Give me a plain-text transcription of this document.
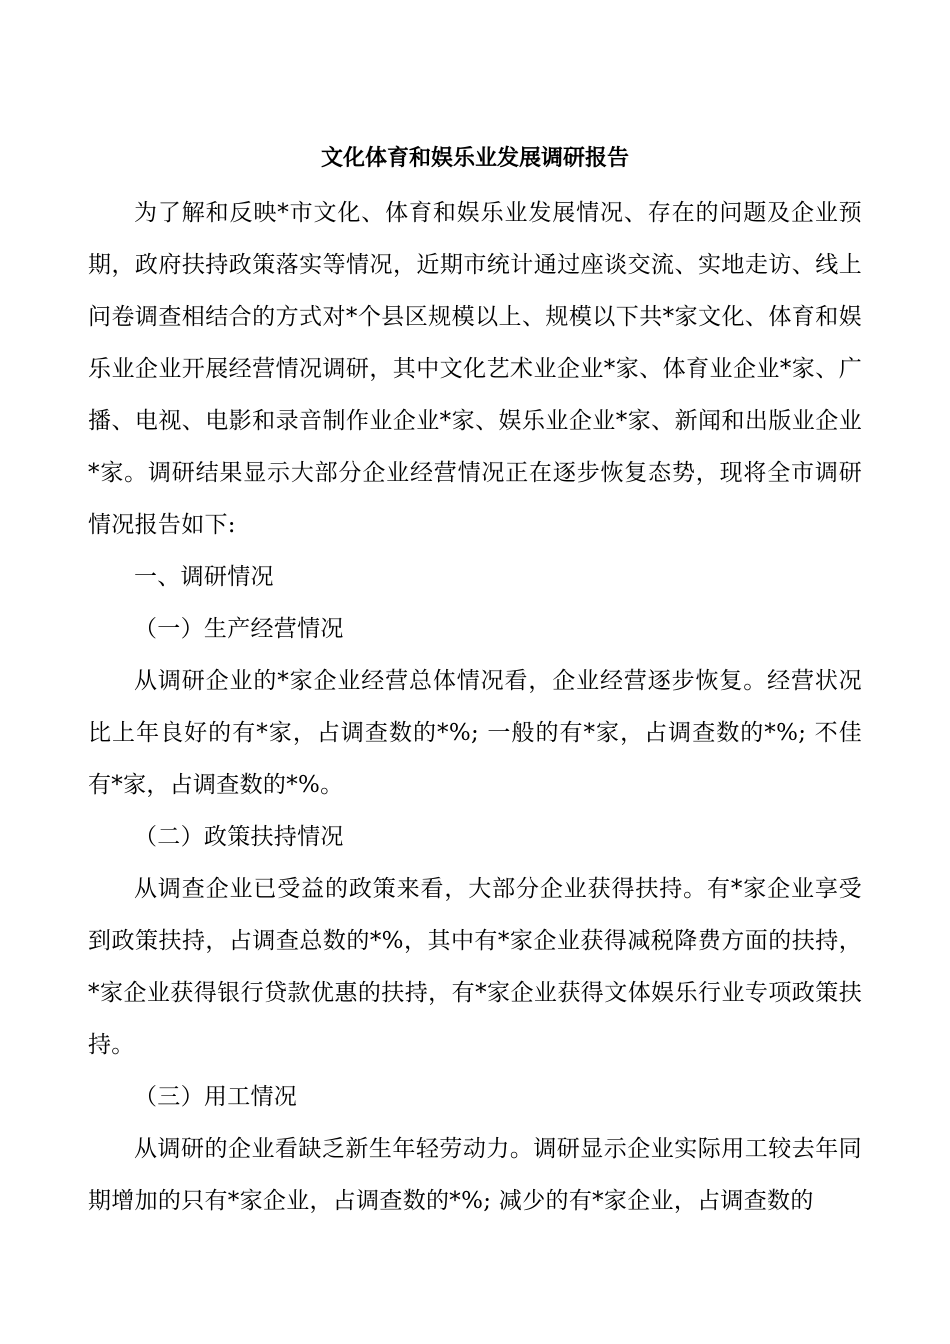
文化体育和娱乐业发展调研报告

为了解和反映*市文化、体育和娱乐业发展情况、存在的问题及企业预期，政府扶持政策落实等情况，近期市统计通过座谈交流、实地走访、线上问卷调查相结合的方式对*个县区规模以上、规模以下共*家文化、体育和娱乐业企业开展经营情况调研，其中文化艺术业企业*家、体育业企业*家、广播、电视、电影和录音制作业企业*家、娱乐业企业*家、新闻和出版业企业*家。调研结果显示大部分企业经营情况正在逐步恢复态势，现将全市调研情况报告如下:

一、调研情况

（一）生产经营情况

从调研企业的*家企业经营总体情况看，企业经营逐步恢复。经营状况比上年良好的有*家，占调查数的*%; 一般的有*家，占调查数的*%; 不佳有*家，占调查数的*%。

（二）政策扶持情况

从调查企业已受益的政策来看，大部分企业获得扶持。有*家企业享受到政策扶持，占调查总数的*%，其中有*家企业获得减税降费方面的扶持，*家企业获得银行贷款优惠的扶持，有*家企业获得文体娱乐行业专项政策扶持。

（三）用工情况

从调研的企业看缺乏新生年轻劳动力。调研显示企业实际用工较去年同期增加的只有*家企业，占调查数的*%; 减少的有*家企业，占调查数的
